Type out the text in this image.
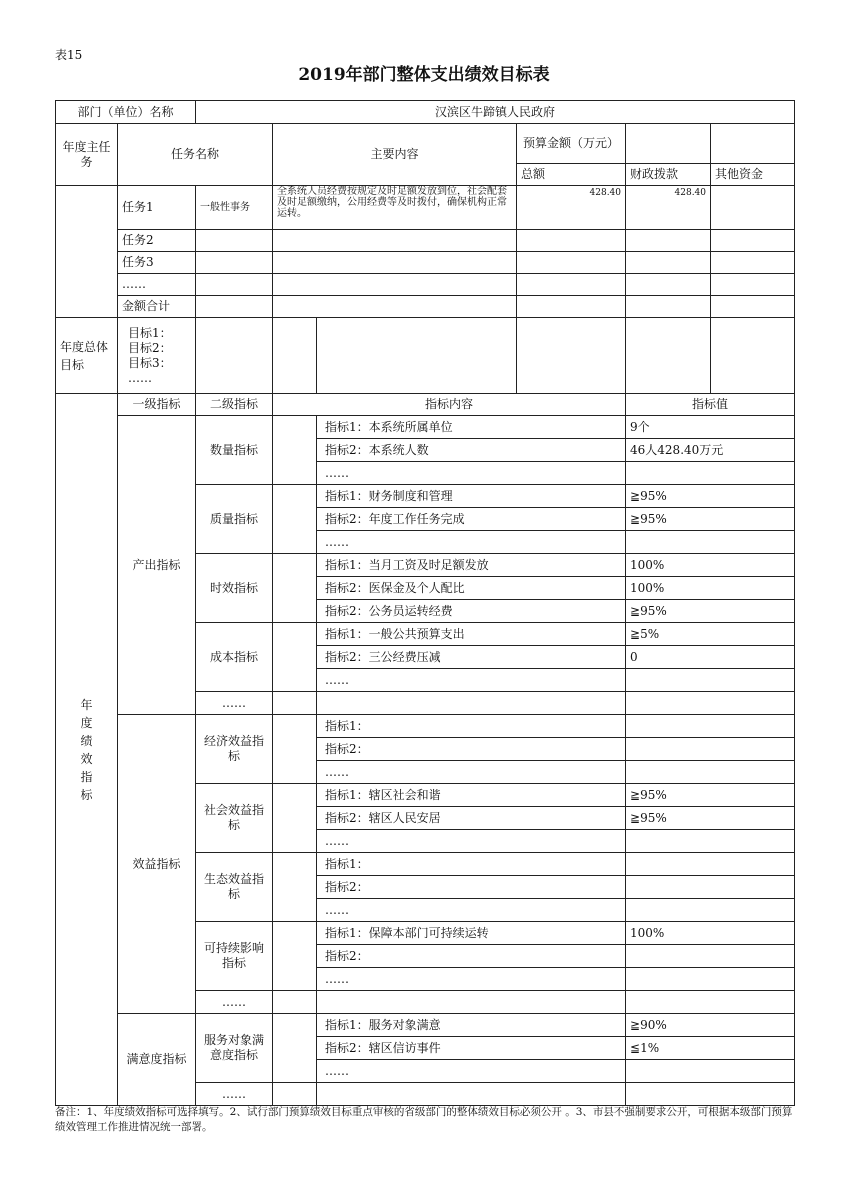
表15
2019年部门整体支出绩效目标表
部门（单位）名称		汉滨区牛蹄镇人民政府					
年度主任务	任务名称		主要内容		预算金额（万元）		
					总额	财政拨款	其他资金
	任务1	一般性事务	全系统人员经费按规定及时足额发放到位，社会配套及时足额缴纳，公用经费等及时拨付，确保机构正常运转。		428.40	428.40	
	任务2						
	任务3						
	……						
	金额合计						
年度总体目标	目标1：
目标2：
目标3：
……						

年度绩效指标	一级指标	二级指标	指标内容			指标值	
	产出指标	数量指标		指标1：本系统所属单位		9个	
				指标2：本系统人数		46人428.40万元	
				……			

		质量指标		指标1：财务制度和管理		≧95%	
				指标2：年度工作任务完成		≧95%	
				……			

		时效指标		指标1：当月工资及时足额发放		100%	
				指标2：医保金及个人配比		100%	
				指标2：公务员运转经费		≧95%	

		成本指标		指标1：一般公共预算支出		≧5%	
				指标2：三公经费压减		0	
				……			

		……					

	效益指标	经济效益指标		指标1：			
				指标2：			
				……			

		社会效益指标		指标1：辖区社会和谐		≧95%	
				指标2：辖区人民安居		≧95%	
				……			

		生态效益指标		指标1：			
				指标2：			
				……			

		可持续影响指标		指标1：保障本部门可持续运转		100%	
				指标2：			
				……			

		……					

	满意度指标	服务对象满意度指标		指标1：服务对象满意		≧90%	
				指标2：辖区信访事件		≦1%	
				……			

		……					

备注：1、年度绩效指标可选择填写。2、试行部门预算绩效目标重点审核的省级部门的整体绩效目标必须公开 。3、市县不强制要求公开，可根据本级部门预算绩效管理工作推进情况统一部署。
